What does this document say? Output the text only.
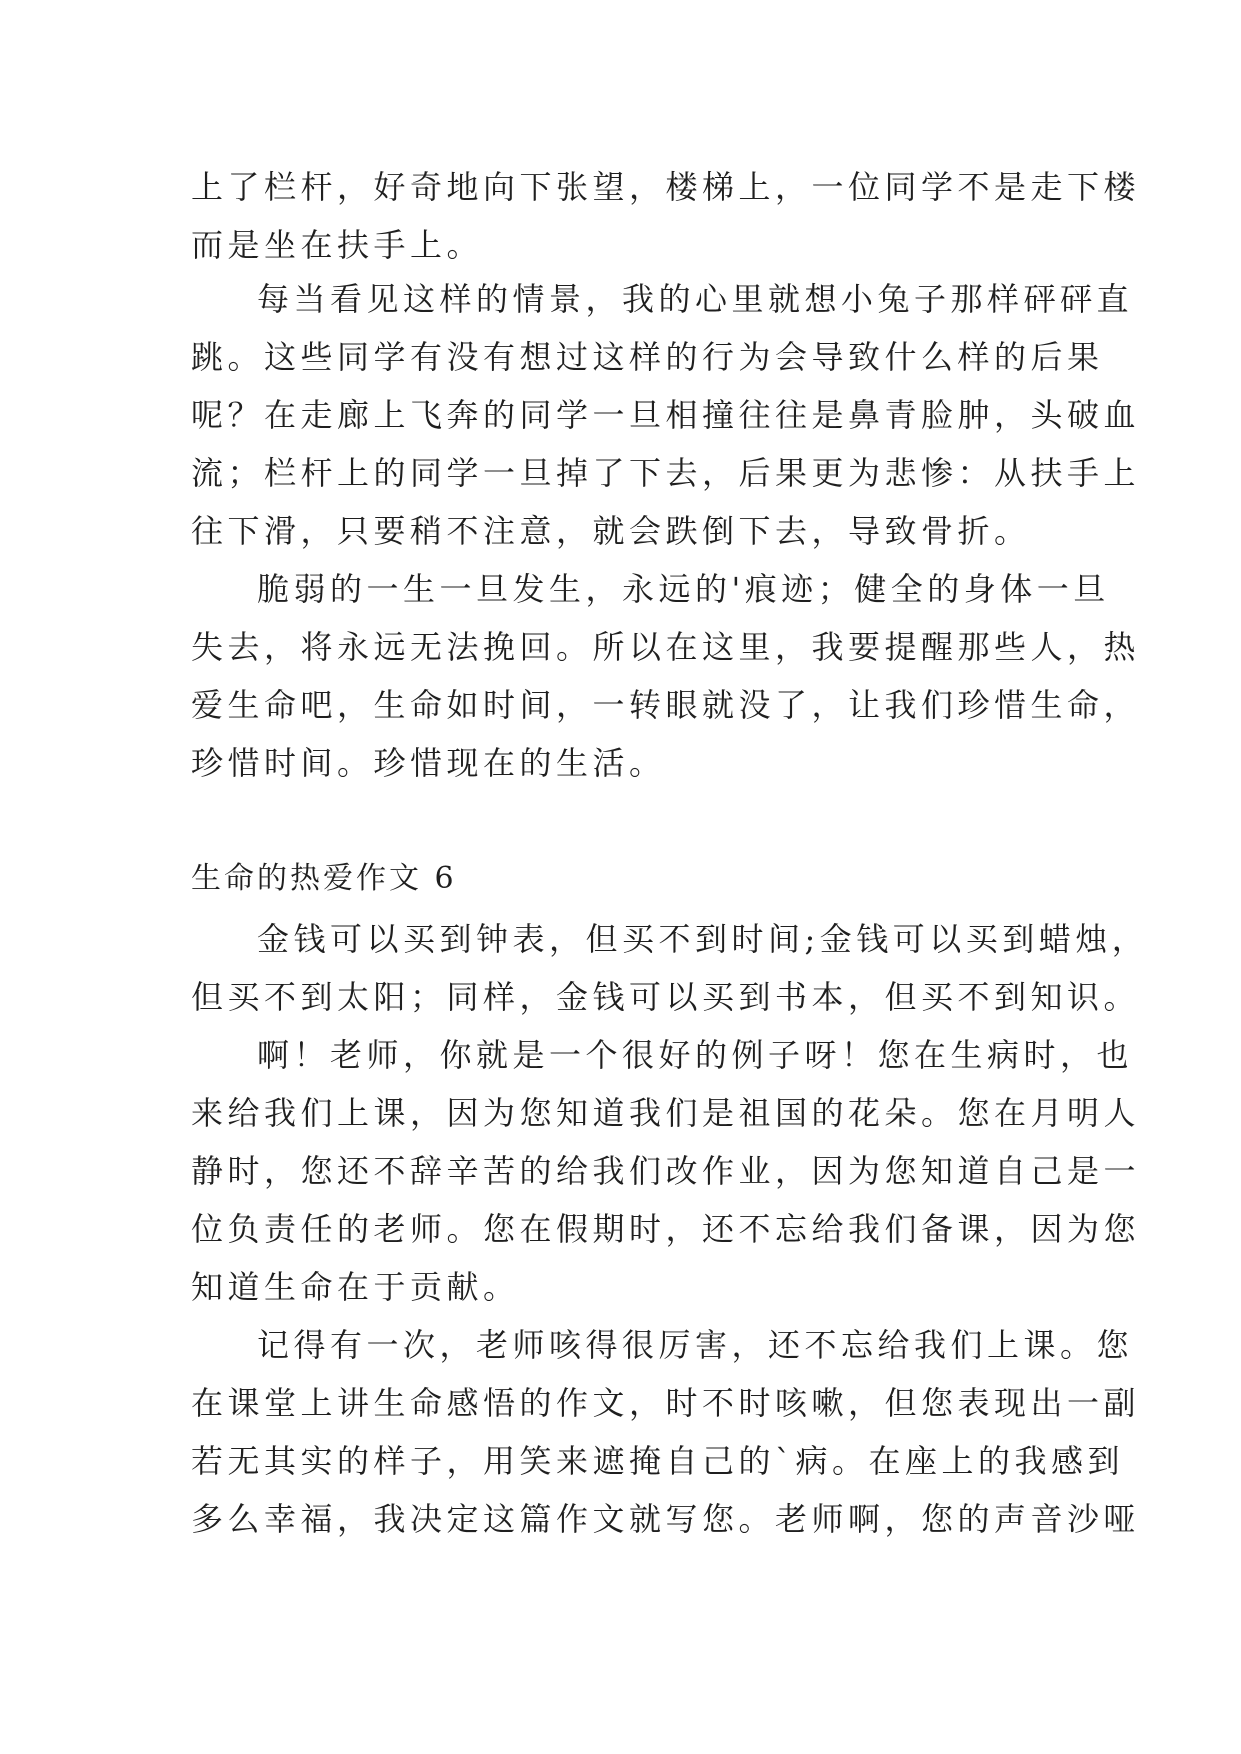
上了栏杆，好奇地向下张望，楼梯上，一位同学不是走下楼
而是坐在扶手上。
每当看见这样的情景，我的心里就想小兔子那样砰砰直
跳。这些同学有没有想过这样的行为会导致什么样的后果
呢？在走廊上飞奔的同学一旦相撞往往是鼻青脸肿，头破血
流；栏杆上的同学一旦掉了下去，后果更为悲惨：从扶手上
往下滑，只要稍不注意，就会跌倒下去，导致骨折。
脆弱的一生一旦发生，永远的'痕迹；健全的身体一旦
失去，将永远无法挽回。所以在这里，我要提醒那些人，热
爱生命吧，生命如时间，一转眼就没了，让我们珍惜生命，
珍惜时间。珍惜现在的生活。
生命的热爱作文 6
金钱可以买到钟表，但买不到时间;金钱可以买到蜡烛，
但买不到太阳；同样，金钱可以买到书本，但买不到知识。
啊！老师，你就是一个很好的例子呀！您在生病时，也
来给我们上课，因为您知道我们是祖国的花朵。您在月明人
静时，您还不辞辛苦的给我们改作业，因为您知道自己是一
位负责任的老师。您在假期时，还不忘给我们备课，因为您
知道生命在于贡献。
记得有一次，老师咳得很厉害，还不忘给我们上课。您
在课堂上讲生命感悟的作文，时不时咳嗽，但您表现出一副
若无其实的样子，用笑来遮掩自己的`病。在座上的我感到
多么幸福，我决定这篇作文就写您。老师啊，您的声音沙哑
